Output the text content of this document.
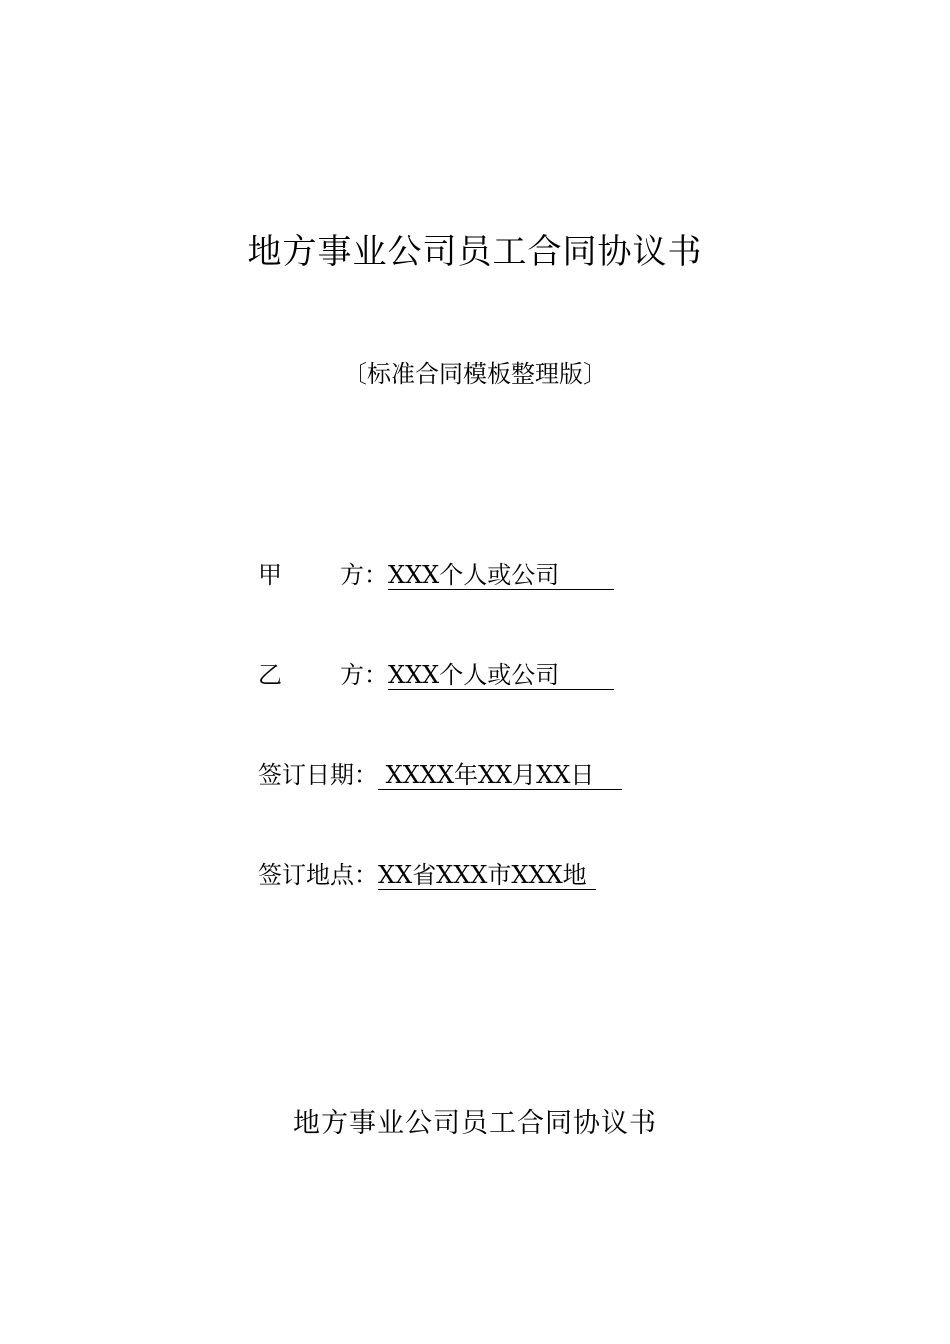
地方事业公司员工合同协议书
〔标准合同模板整理版〕
甲 方： XXX个人或公司
乙 方： XXX个人或公司
签订日期： XXXX年XX月XX日
签订地点：XX省XXX市XXX地
地方事业公司员工合同协议书
